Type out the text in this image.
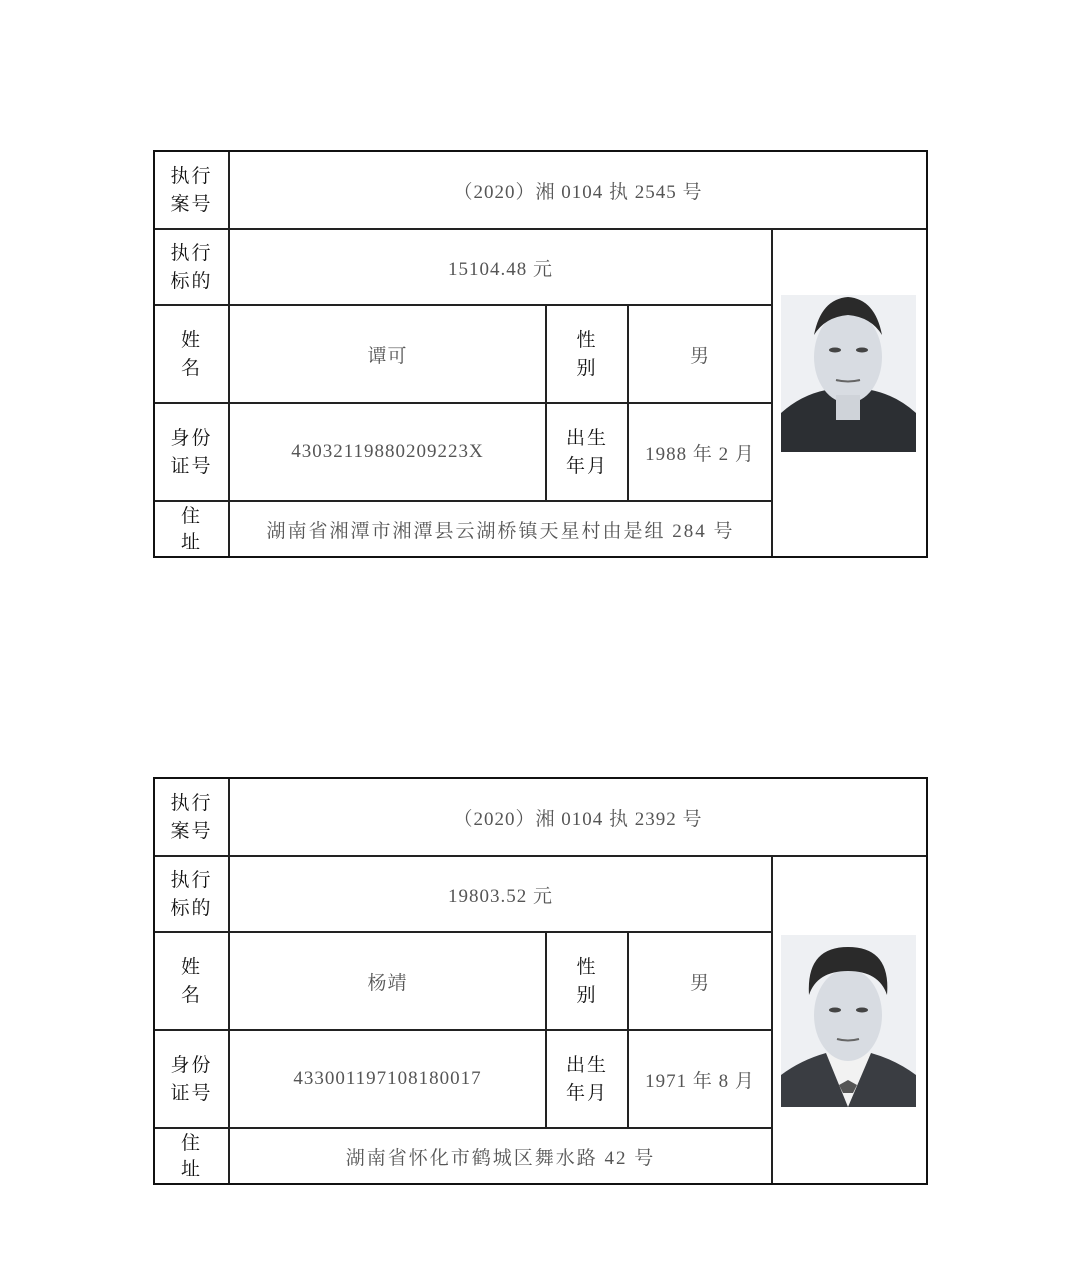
执行
案号
（2020）湘 0104 执 2545 号
执行
标的
15104.48 元
姓
名
谭可
性
别
男
身份
证号
43032119880209223X
出生
年月
1988 年 2 月
住
址	湖南省湘潭市湘潭县云湖桥镇天星村由是组 284 号
执行
案号
（2020）湘 0104 执 2392 号
执行
标的
19803.52 元
姓
名
杨靖
性
别
男
身份
证号
433001197108180017
出生
年月
1971 年 8 月
住
址	湖南省怀化市鹤城区舞水路 42 号
